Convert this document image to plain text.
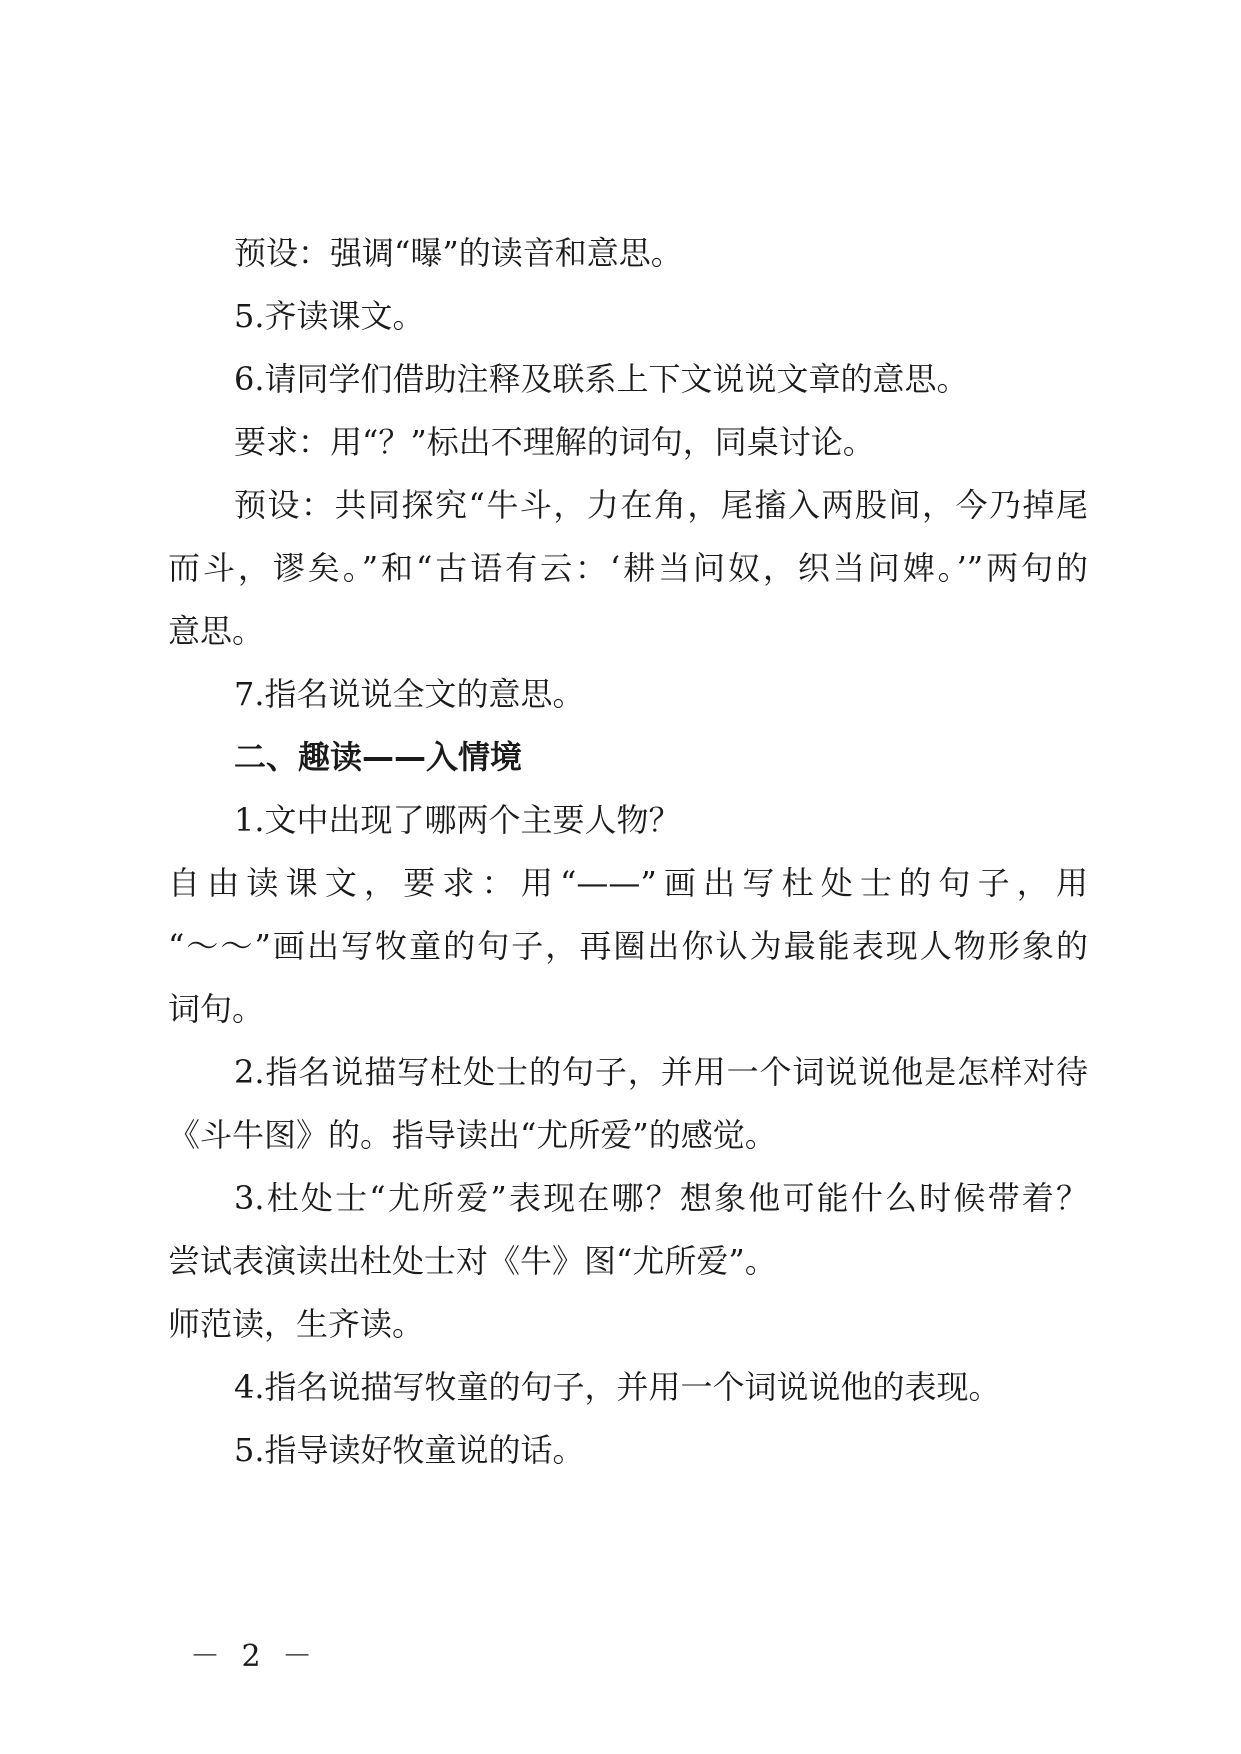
预设：强调“曝”的读音和意思。
5.齐读课文。
6.请同学们借助注释及联系上下文说说文章的意思。
要求：用“？”标出不理解的词句，同桌讨论。
预设：共同探究“牛斗，力在角，尾搐入两股间，今乃掉尾
而斗，谬矣。”和“古语有云：‘耕当问奴，织当问婢。’”两句的
意思。
7.指名说说全文的意思。
二、趣读——入情境
1.文中出现了哪两个主要人物？
自由读课文，要求：用“——”画出写杜处士的句子，用
“～～”画出写牧童的句子，再圈出你认为最能表现人物形象的
词句。
2.指名说描写杜处士的句子，并用一个词说说他是怎样对待
《斗牛图》的。指导读出“尤所爱”的感觉。
3.杜处士“尤所爱”表现在哪？想象他可能什么时候带着？
尝试表演读出杜处士对《牛》图“尤所爱”。
师范读，生齐读。
4.指名说描写牧童的句子，并用一个词说说他的表现。
5.指导读好牧童说的话。
－ 2 －
